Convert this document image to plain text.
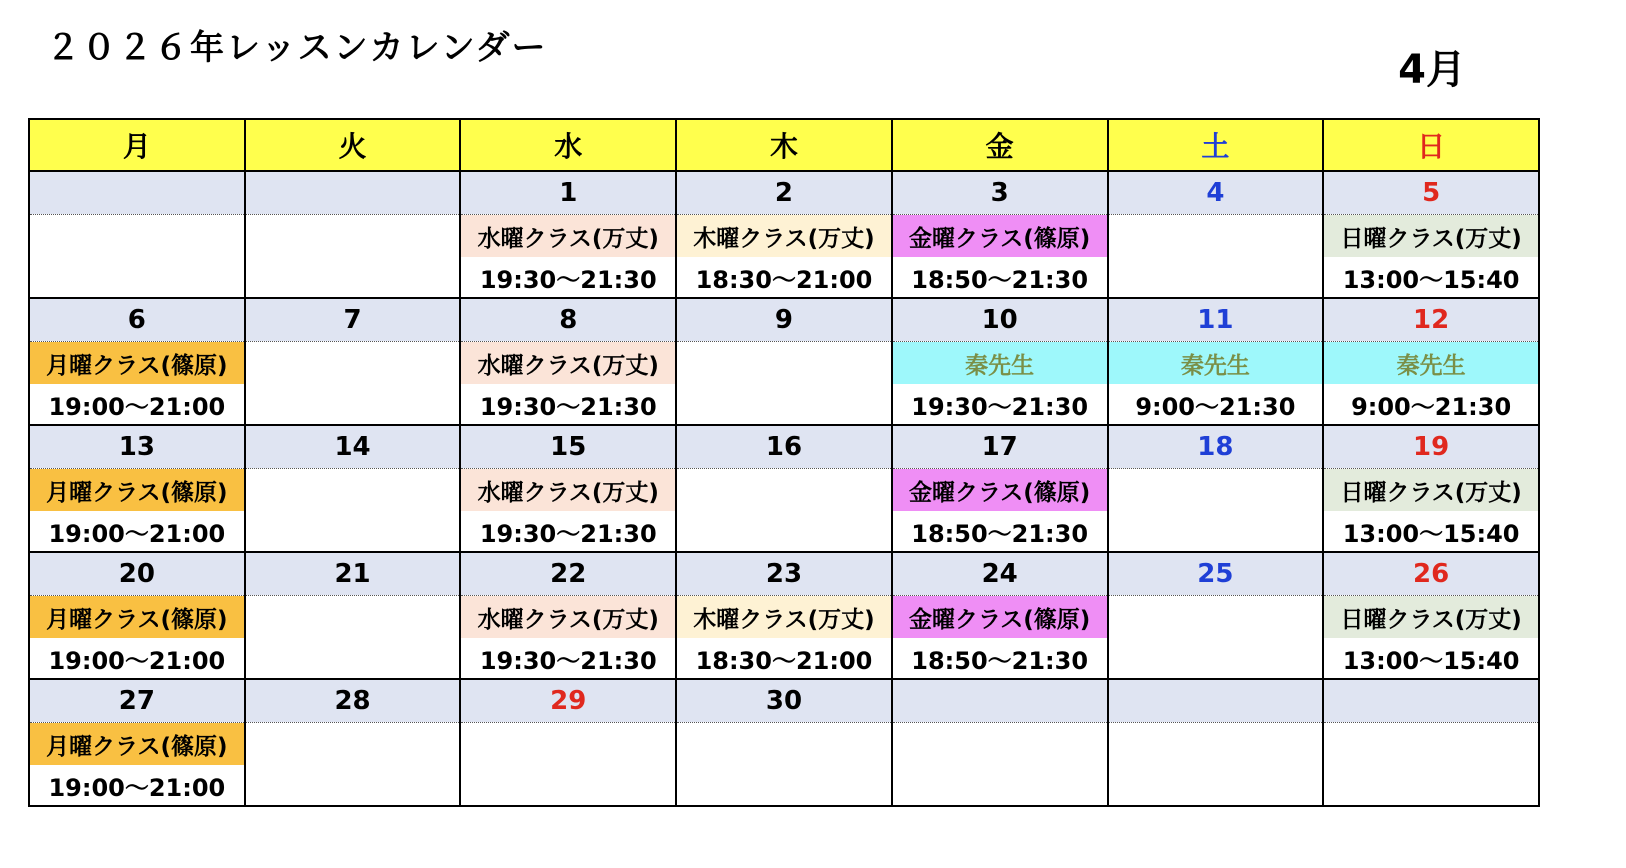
２０２６年レッスンカレンダー	4月
月	火	水	木	金	土	日
		1	2	3	4	5
		水曜クラス(万丈)	木曜クラス(万丈)	金曜クラス(篠原)		日曜クラス(万丈)
		19:30〜21:30	18:30〜21:00	18:50〜21:30		13:00〜15:40
6	7	8	9	10	11	12
月曜クラス(篠原)		水曜クラス(万丈)		秦先生	秦先生	秦先生
19:00〜21:00		19:30〜21:30		19:30〜21:30	9:00〜21:30	9:00〜21:30
13	14	15	16	17	18	19
月曜クラス(篠原)		水曜クラス(万丈)		金曜クラス(篠原)		日曜クラス(万丈)
19:00〜21:00		19:30〜21:30		18:50〜21:30		13:00〜15:40
20	21	22	23	24	25	26
月曜クラス(篠原)		水曜クラス(万丈)	木曜クラス(万丈)	金曜クラス(篠原)		日曜クラス(万丈)
19:00〜21:00		19:30〜21:30	18:30〜21:00	18:50〜21:30		13:00〜15:40
27	28	29	30			
月曜クラス(篠原)						
19:00〜21:00						
